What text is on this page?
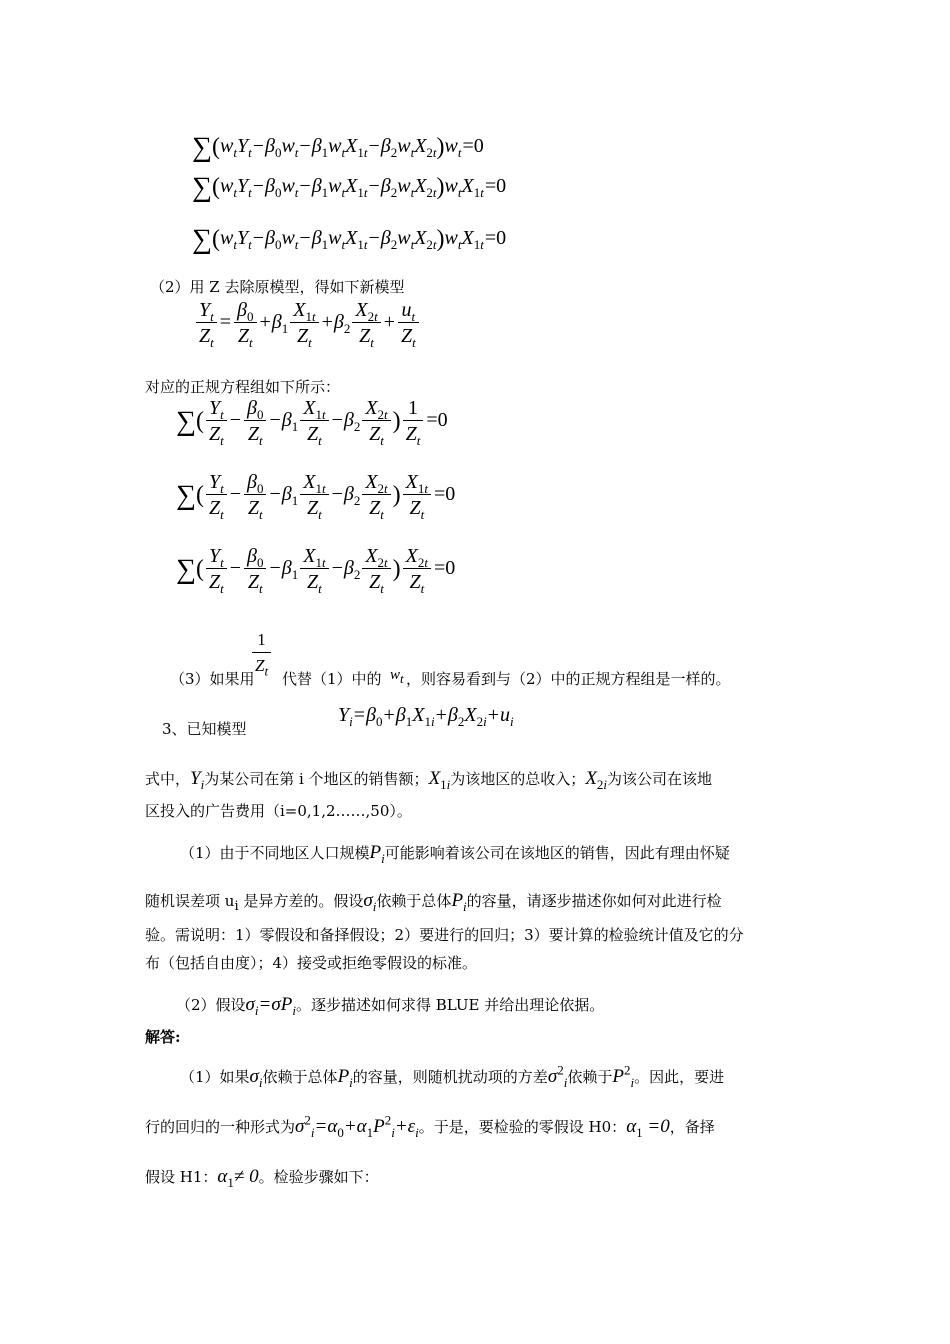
$\sum(w_tY_t-\beta_0w_t-\beta_1w_tX_{1t}-\beta_2w_tX_{2t})w_t=0$
$\sum(w_tY_t-\beta_0w_t-\beta_1w_tX_{1t}-\beta_2w_tX_{2t})w_tX_{1t}=0$
$\sum(w_tY_t-\beta_0w_t-\beta_1w_tX_{1t}-\beta_2w_tX_{2t})w_tX_{1t}=0$
（2）用 Z 去除原模型，得如下新模型
$\frac{Y_t}{Z_t} = \frac{\beta_0}{Z_t} +\beta_1 \frac{X_{1t}}{Z_t} +\beta_2 \frac{X_{2t}}{Z_t} + \frac{u_t}{Z_t}$
对应的正规方程组如下所示：
∑( $\frac{Y_t}{Z_t} - \frac{\beta_0}{Z_t} -\beta_1 \frac{X_{1t}}{Z_t} -\beta_2 \frac{X_{2t}}{Z_t}$ ) $\frac{1}{Z_t} =0$
∑( $\frac{Y_t}{Z_t} - \frac{\beta_0}{Z_t} -\beta_1 \frac{X_{1t}}{Z_t} -\beta_2 \frac{X_{2t}}{Z_t}$ ) $\frac{X_{1t}}{Z_t} =0$
∑( $\frac{Y_t}{Z_t} - \frac{\beta_0}{Z_t} -\beta_1 \frac{X_{1t}}{Z_t} -\beta_2 \frac{X_{2t}}{Z_t}$ ) $\frac{X_{2t}}{Z_t} =0$
$\frac{1}{Z_t}$
（3）如果用 代替（1）中的 $w_t$ ，则容易看到与（2）中的正规方程组是一样的。
3、已知模型
$Y_i=\beta_0+\beta_1X_{1i}+\beta_2X_{2i}+u_i$
式中，$Y_i$为某公司在第 i 个地区的销售额；$X_{1i}$为该地区的总收入；$X_{2i}$为该公司在该地
区投入的广告费用（i=0,1,2……,50）。
（1）由于不同地区人口规模$P_i$可能影响着该公司在该地区的销售，因此有理由怀疑
随机误差项 $u_i$ 是异方差的。假设$\sigma_i$依赖于总体$P_i$的容量，请逐步描述你如何对此进行检
验。需说明：1）零假设和备择假设；2）要进行的回归；3）要计算的检验统计值及它的分
布（包括自由度）；4）接受或拒绝零假设的标准。
（2）假设$\sigma_i=\sigma P_i$。逐步描述如何求得 BLUE 并给出理论依据。
解答:
（1）如果$\sigma_i$依赖于总体$P_i$的容量，则随机扰动项的方差$\sigma^2_i$依赖于$P^2_i$。因此，要进
行的回归的一种形式为$\sigma^2_i=\alpha_0+\alpha_1P^2_i+\varepsilon_i$。于是，要检验的零假设 H0：$\alpha_1 =0$，备择
假设 H1：$\alpha_1\ne 0$。检验步骤如下：
